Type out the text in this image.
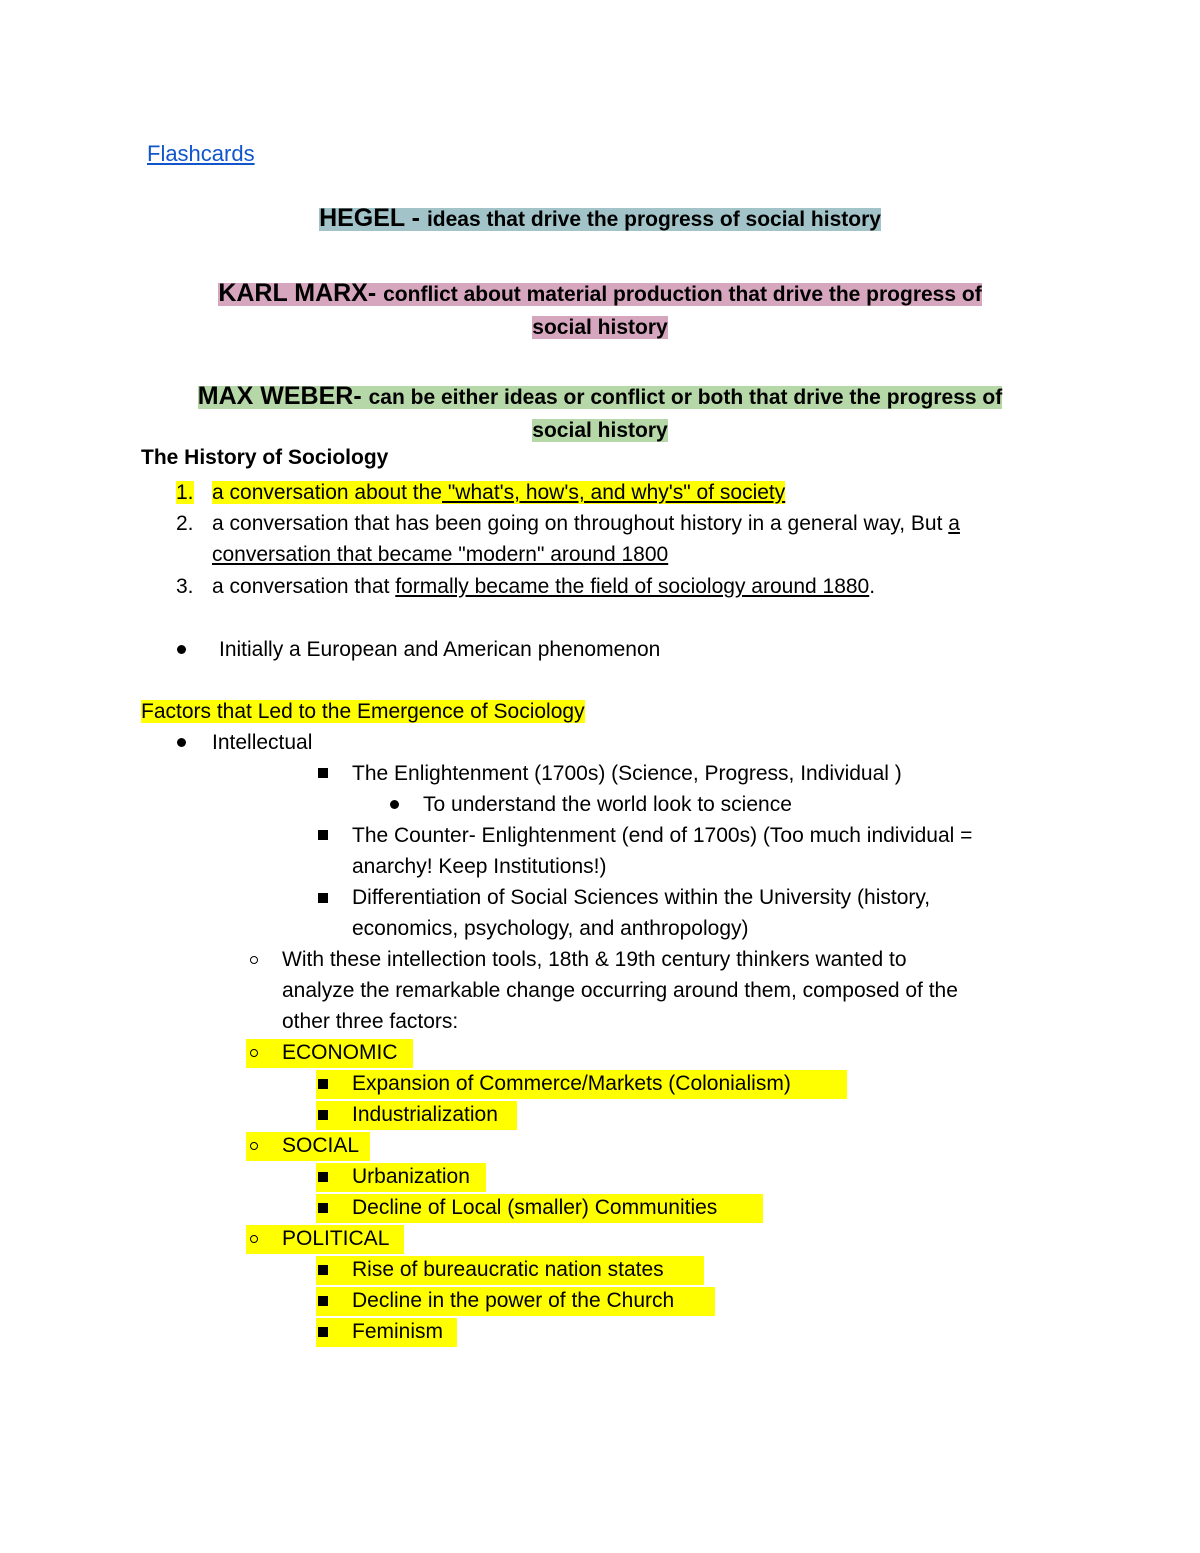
Flashcards
HEGEL - ideas that drive the progress of social history
KARL MARX- conflict about material production that drive the progress of
social history
MAX WEBER- can be either ideas or conflict or both that drive the progress of
social history
The History of Sociology
1. a conversation about the "what's, how's, and why's" of society
2. a conversation that has been going on throughout history in a general way, But a
conversation that became "modern" around 1800
3. a conversation that formally became the field of sociology around 1880.
Initially a European and American phenomenon
Factors that Led to the Emergence of Sociology
Intellectual
The Enlightenment (1700s) (Science, Progress, Individual )
To understand the world look to science
The Counter- Enlightenment (end of 1700s) (Too much individual =
anarchy! Keep Institutions!)
Differentiation of Social Sciences within the University (history,
economics, psychology, and anthropology)
With these intellection tools, 18th & 19th century thinkers wanted to
analyze the remarkable change occurring around them, composed of the
other three factors:
ECONOMIC
Expansion of Commerce/Markets (Colonialism)
Industrialization
SOCIAL
Urbanization
Decline of Local (smaller) Communities
POLITICAL
Rise of bureaucratic nation states
Decline in the power of the Church
Feminism
